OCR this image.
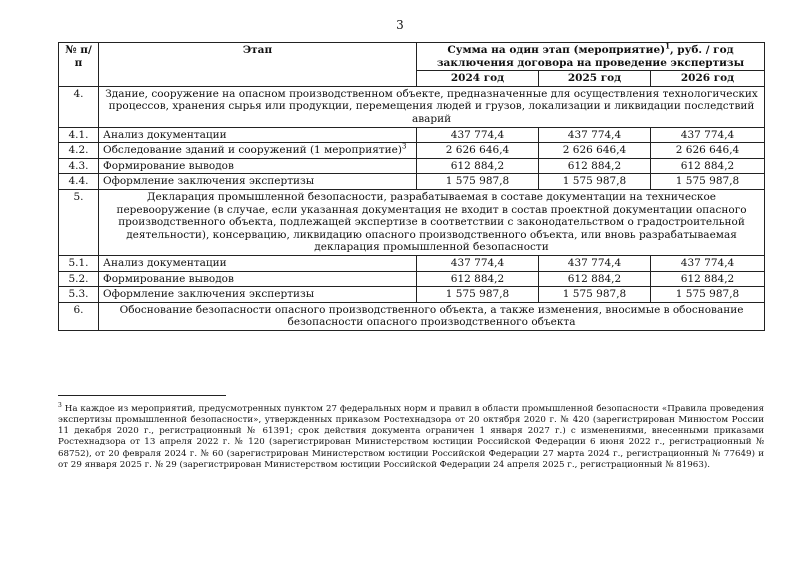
3
№ п/п	Этап	Сумма на один этап (мероприятие)$^1$, руб. / год заключения договора на проведение экспертизы		
		2024 год	2025 год	2026 год
4.	Здание, сооружение на опасном производственном объекте, предназначенные для осуществления технологических процессов, хранения сырья или продукции, перемещения людей и грузов, локализации и ликвидации последствий аварий			
4.1.	Анализ документации	437 774,4	437 774,4	437 774,4
4.2.	Обследование зданий и сооружений (1 мероприятие)$^3$	2 626 646,4	2 626 646,4	2 626 646,4
4.3.	Формирование выводов	612 884,2	612 884,2	612 884,2
4.4.	Оформление заключения экспертизы	1 575 987,8	1 575 987,8	1 575 987,8
5.	Декларация промышленной безопасности, разрабатываемая в составе документации на техническое перевооружение (в случае, если указанная документация не входит в состав проектной документации опасного производственного объекта, подлежащей экспертизе в соответствии с законодательством о градостроительной деятельности), консервацию, ликвидацию опасного производственного объекта, или вновь разрабатываемая декларация промышленной безопасности			
5.1.	Анализ документации	437 774,4	437 774,4	437 774,4
5.2.	Формирование выводов	612 884,2	612 884,2	612 884,2
5.3.	Оформление заключения экспертизы	1 575 987,8	1 575 987,8	1 575 987,8
6.	Обоснование безопасности опасного производственного объекта, а также изменения, вносимые в обоснование безопасности опасного производственного объекта			
$^3$ На каждое из мероприятий, предусмотренных пунктом 27 федеральных норм и правил в области промышленной безопасности «Правила проведения экспертизы промышленной безопасности», утвержденных приказом Ростехнадзора от 20 октября 2020 г. № 420 (зарегистрирован Минюстом России 11 декабря 2020 г., регистрационный № 61391; срок действия документа ограничен 1 января 2027 г.) с изменениями, внесенными приказами Ростехнадзора от 13 апреля 2022 г. № 120 (зарегистрирован Министерством юстиции Российской Федерации 6 июня 2022 г., регистрационный № 68752), от 20 февраля 2024 г. № 60 (зарегистрирован Министерством юстиции Российской Федерации 27 марта 2024 г., регистрационный № 77649) и от 29 января 2025 г. № 29 (зарегистрирован Министерством юстиции Российской Федерации 24 апреля 2025 г., регистрационный № 81963).
